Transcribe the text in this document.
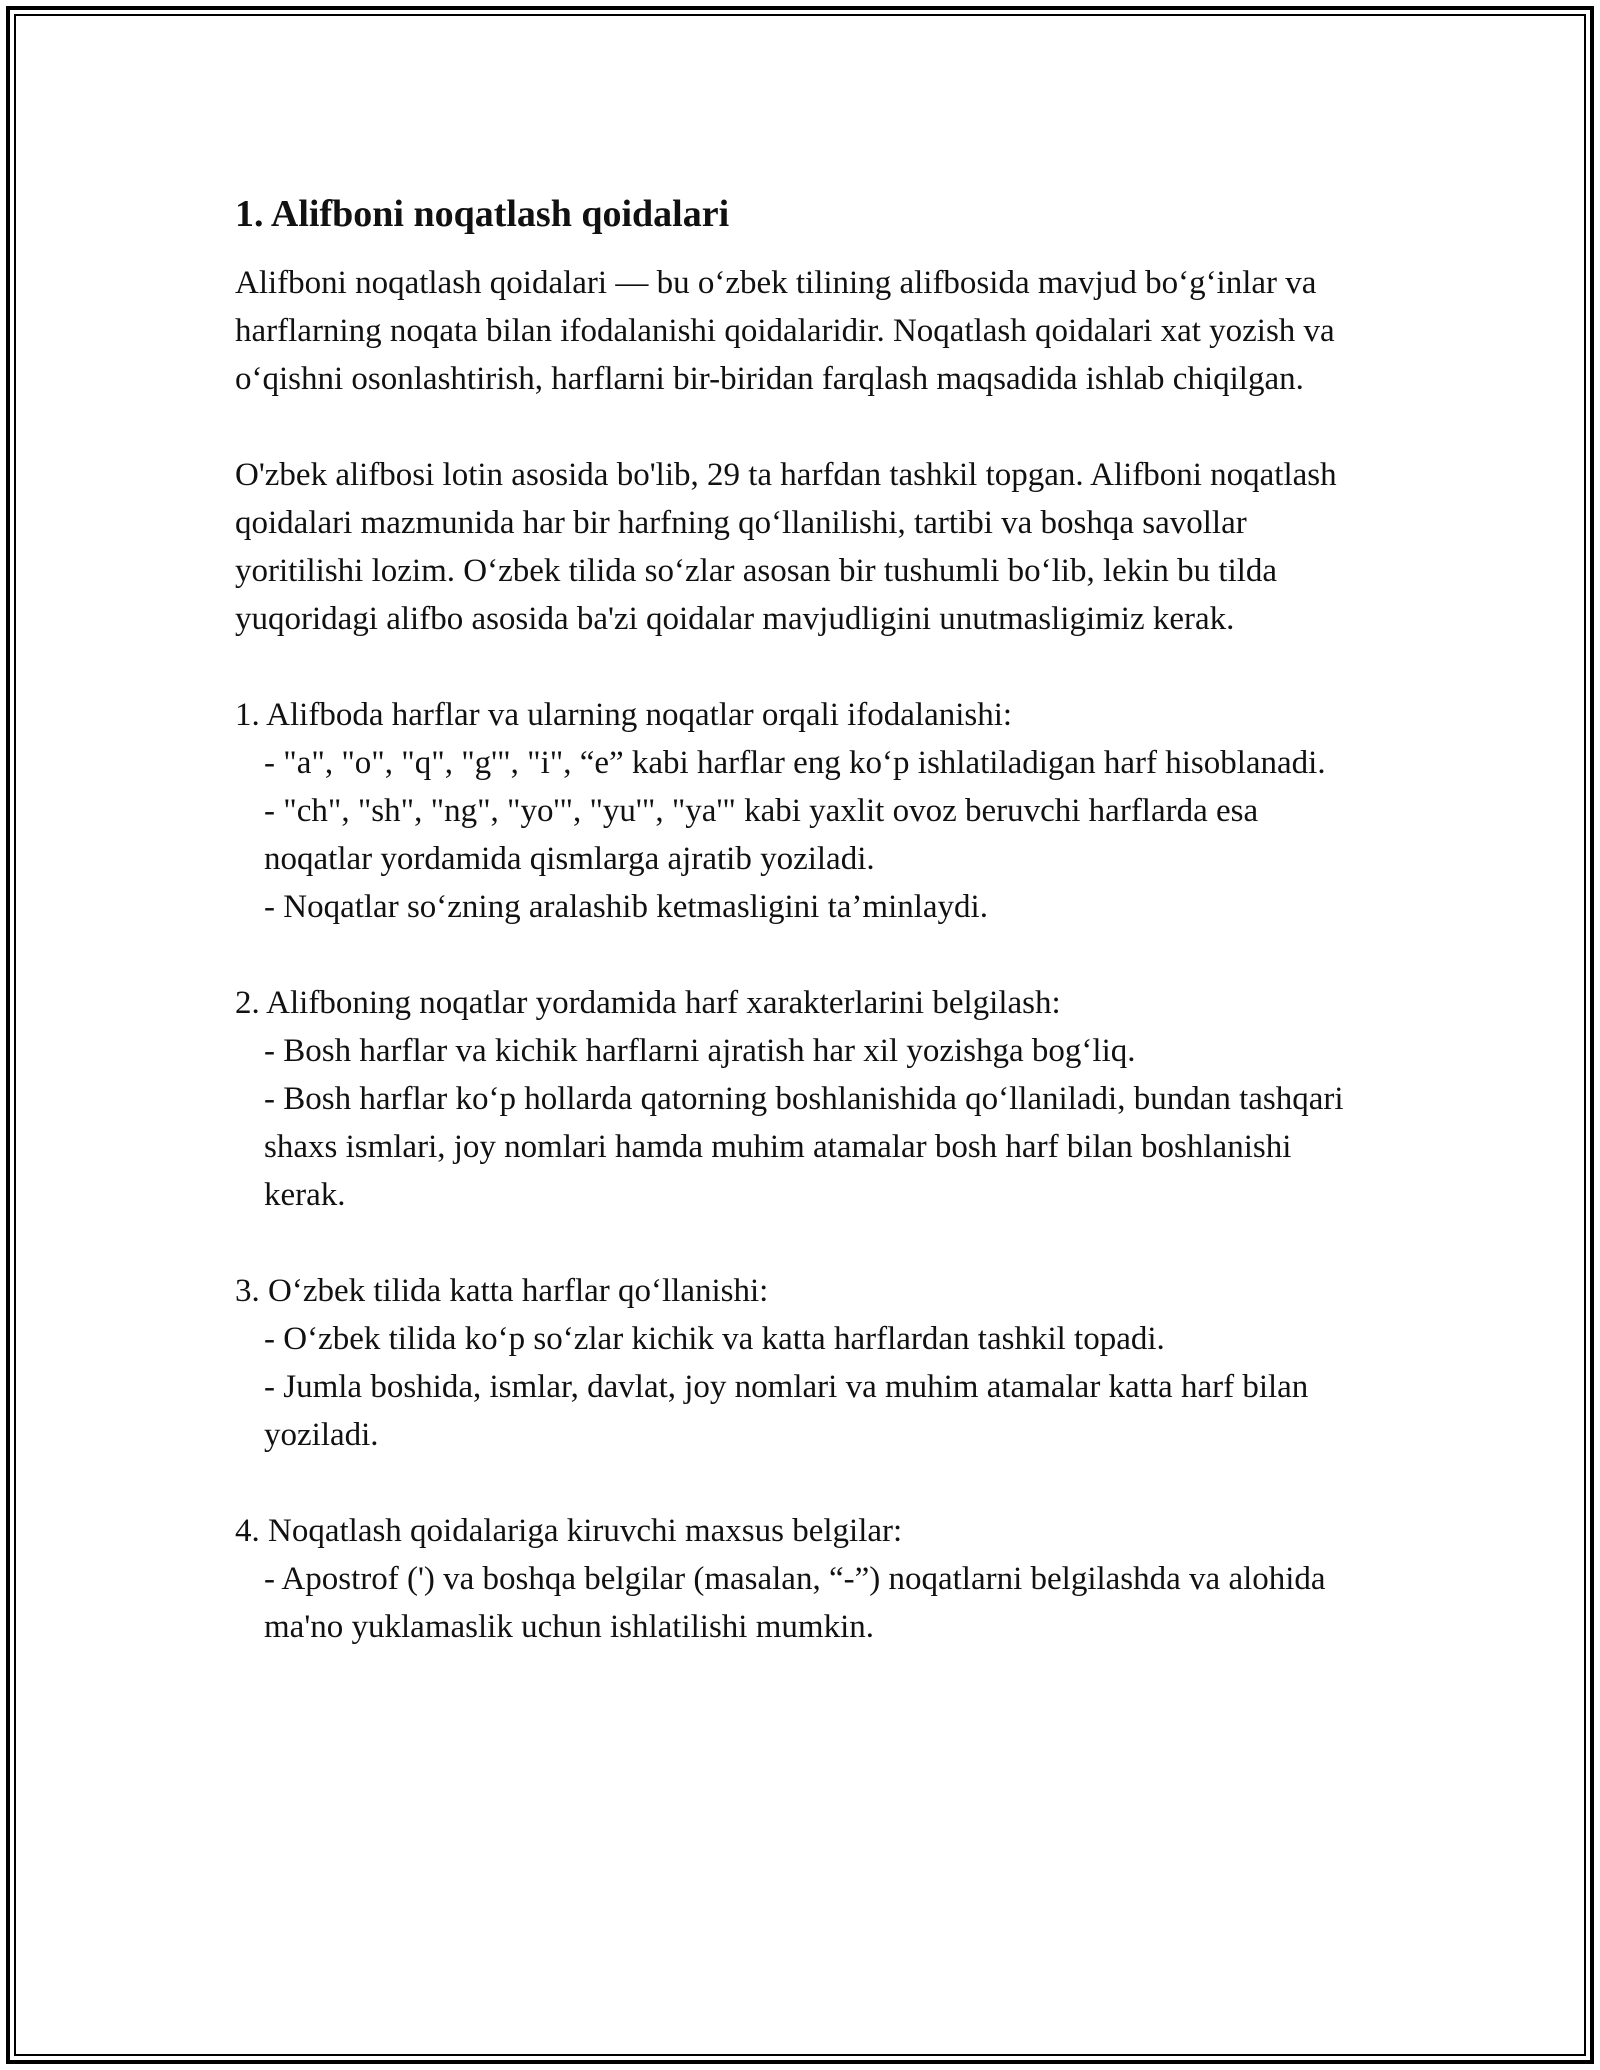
1. Alifboni noqatlash qoidalari

Alifboni noqatlash qoidalari — bu o‘zbek tilining alifbosida mavjud bo‘g‘inlar va harflarning noqata bilan ifodalanishi qoidalaridir. Noqatlash qoidalari xat yozish va o‘qishni osonlashtirish, harflarni bir-biridan farqlash maqsadida ishlab chiqilgan.

O'zbek alifbosi lotin asosida bo'lib, 29 ta harfdan tashkil topgan. Alifboni noqatlash qoidalari mazmunida har bir harfning qo‘llanilishi, tartibi va boshqa savollar yoritilishi lozim. O‘zbek tilida so‘zlar asosan bir tushumli bo‘lib, lekin bu tilda yuqoridagi alifbo asosida ba'zi qoidalar mavjudligini unutmasligimiz kerak.

1. Alifboda harflar va ularning noqatlar orqali ifodalanishi:
- "a", "o", "q", "g'", "i", “e” kabi harflar eng ko‘p ishlatiladigan harf hisoblanadi.
- "ch", "sh", "ng", "yo'", "yu'", "ya'" kabi yaxlit ovoz beruvchi harflarda esa noqatlar yordamida qismlarga ajratib yoziladi.
- Noqatlar so‘zning aralashib ketmasligini ta’minlaydi.
2. Alifboning noqatlar yordamida harf xarakterlarini belgilash:
- Bosh harflar va kichik harflarni ajratish har xil yozishga bog‘liq.
- Bosh harflar ko‘p hollarda qatorning boshlanishida qo‘llaniladi, bundan tashqari shaxs ismlari, joy nomlari hamda muhim atamalar bosh harf bilan boshlanishi kerak.
3. O‘zbek tilida katta harflar qo‘llanishi:
- O‘zbek tilida ko‘p so‘zlar kichik va katta harflardan tashkil topadi.
- Jumla boshida, ismlar, davlat, joy nomlari va muhim atamalar katta harf bilan yoziladi.
4. Noqatlash qoidalariga kiruvchi maxsus belgilar:
- Apostrof (') va boshqa belgilar (masalan, “-”) noqatlarni belgilashda va alohida ma'no yuklamaslik uchun ishlatilishi mumkin.
